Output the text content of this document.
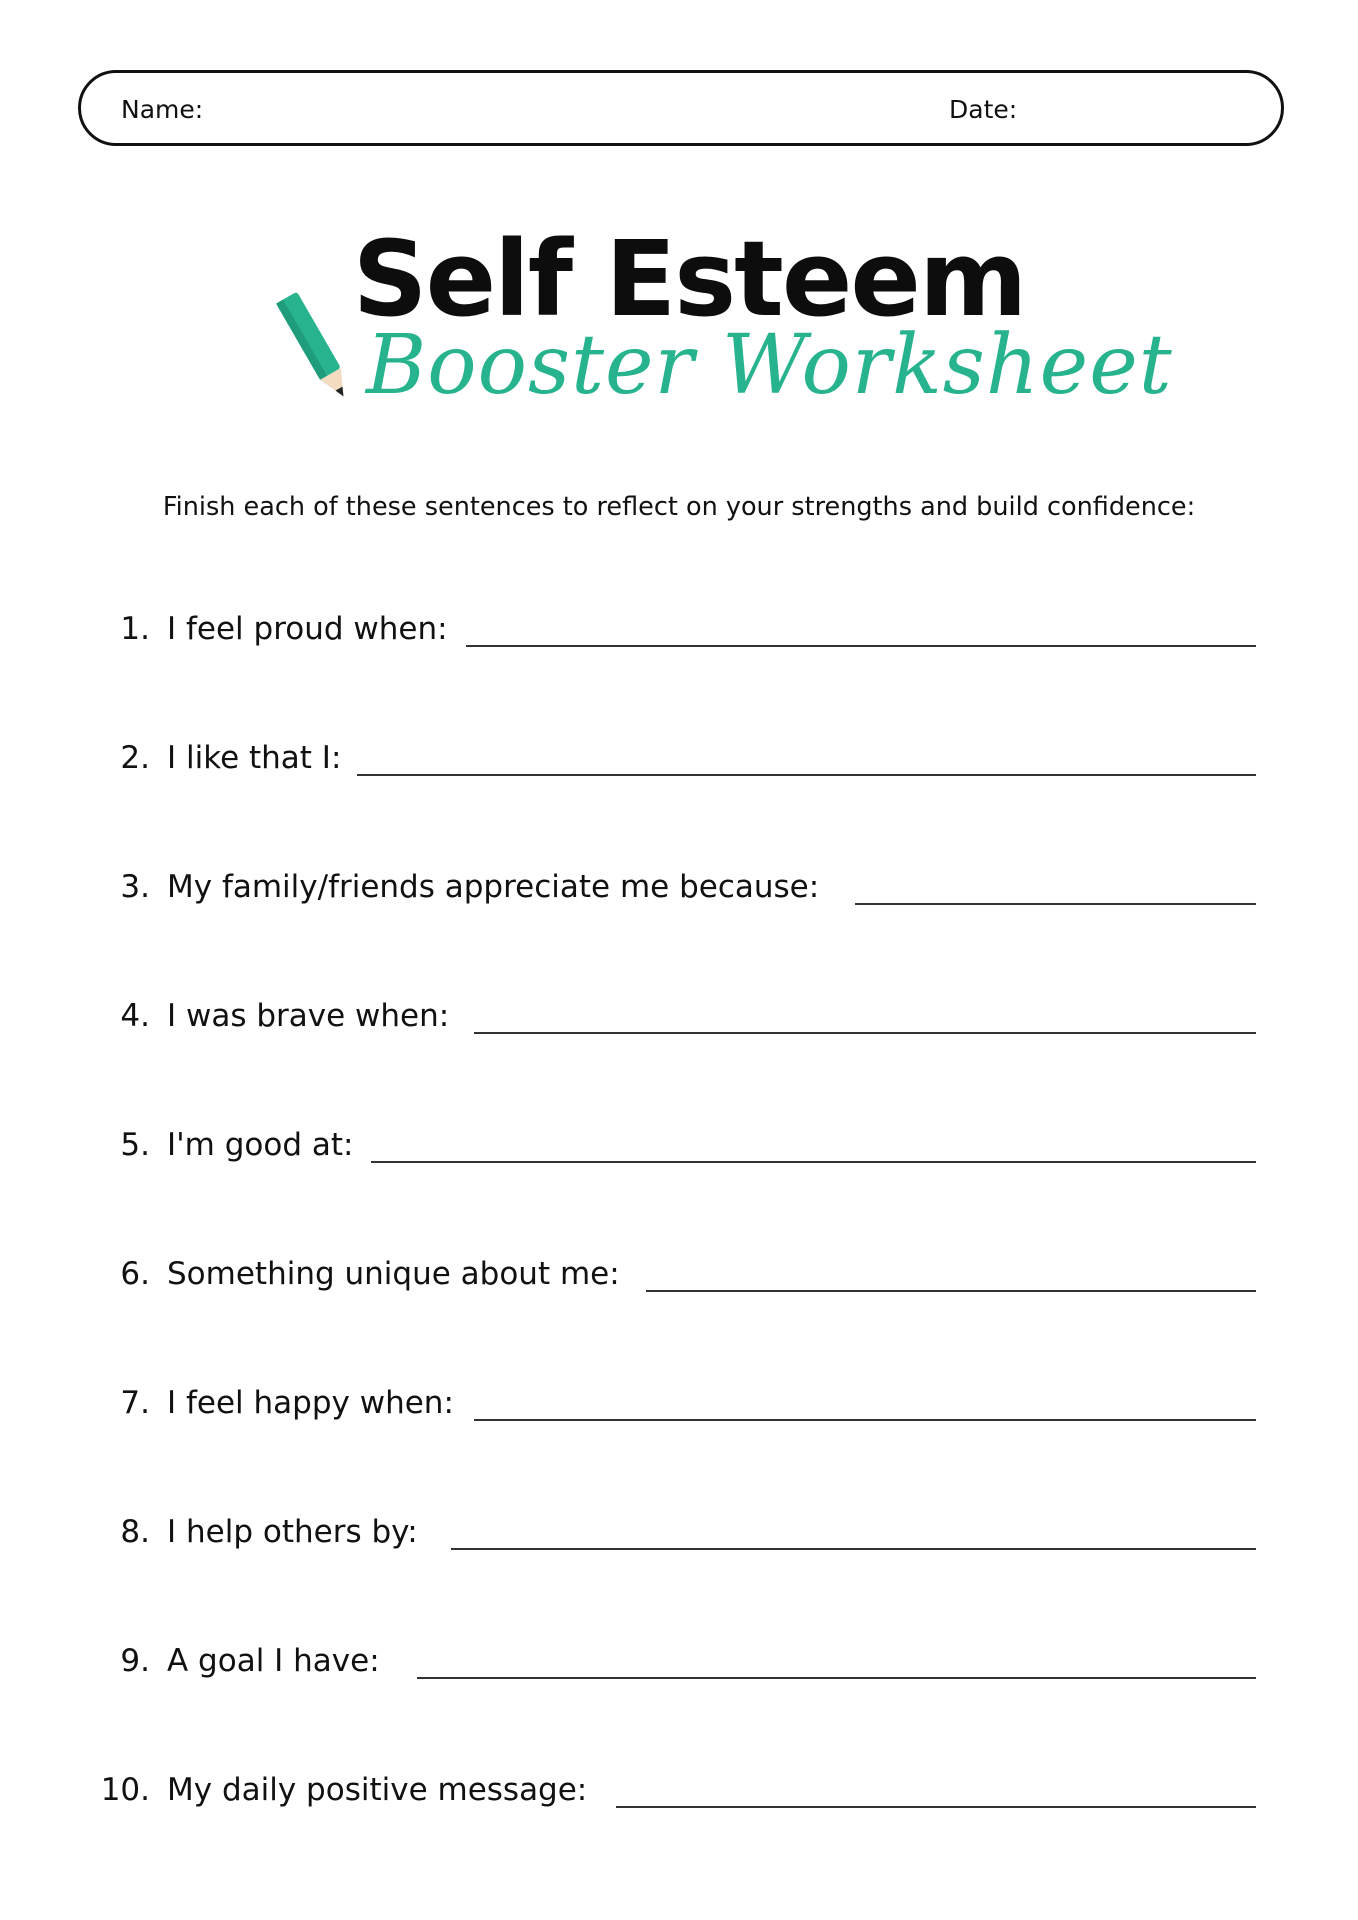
Name:	Date:
Self Esteem
Booster Worksheet
Finish each of these sentences to reflect on your strengths and build confidence:
1. I feel proud when:
2. I like that I:
3. My family/friends appreciate me because:
4. I was brave when:
5. I'm good at:
6. Something unique about me:
7. I feel happy when:
8. I help others by:
9. A goal I have:
10. My daily positive message:
